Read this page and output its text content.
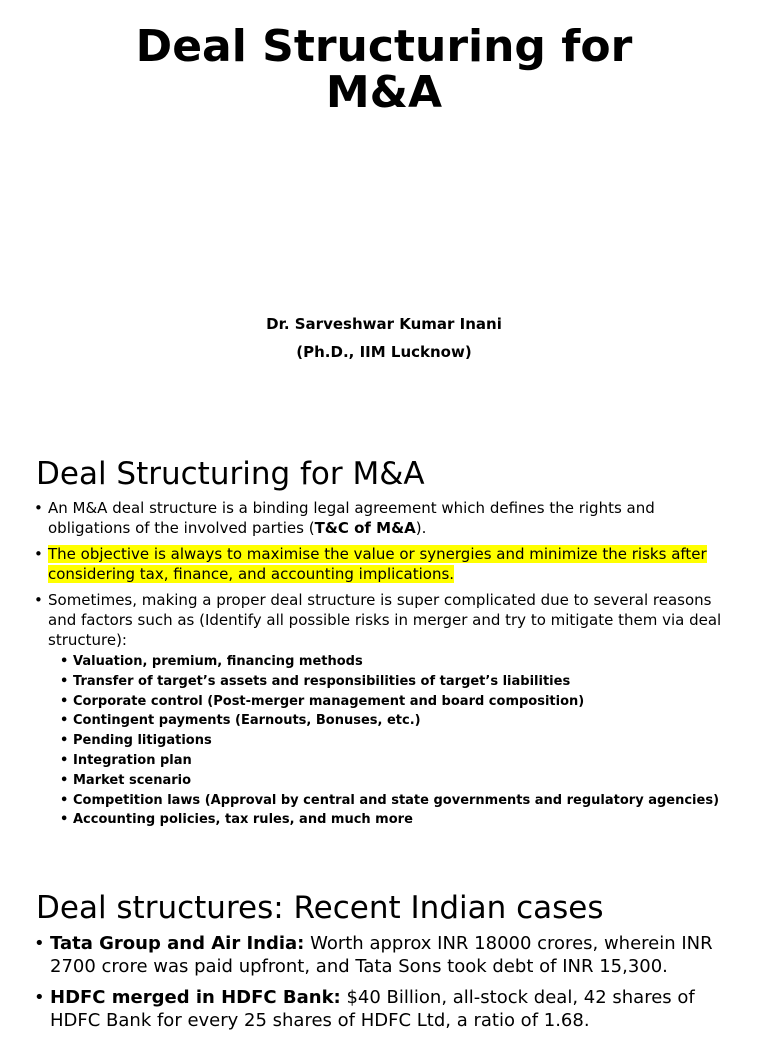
Deal Structuring for
M&A
Dr. Sarveshwar Kumar Inani
(Ph.D., IIM Lucknow)
Deal Structuring for M&A
• An M&A deal structure is a binding legal agreement which defines the rights and obligations of the involved parties (T&C of M&A).
• The objective is always to maximise the value or synergies and minimize the risks after considering tax, finance, and accounting implications.
• Sometimes, making a proper deal structure is super complicated due to several reasons and factors such as (Identify all possible risks in merger and try to mitigate them via deal structure):
• Valuation, premium, financing methods
• Transfer of target’s assets and responsibilities of target’s liabilities
• Corporate control (Post-merger management and board composition)
• Contingent payments (Earnouts, Bonuses, etc.)
• Pending litigations
• Integration plan
• Market scenario
• Competition laws (Approval by central and state governments and regulatory agencies)
• Accounting policies, tax rules, and much more
Deal structures: Recent Indian cases
• Tata Group and Air India: Worth approx INR 18000 crores, wherein INR 2700 crore was paid upfront, and Tata Sons took debt of INR 15,300.
• HDFC merged in HDFC Bank: $40 Billion, all-stock deal, 42 shares of HDFC Bank for every 25 shares of HDFC Ltd, a ratio of 1.68.
